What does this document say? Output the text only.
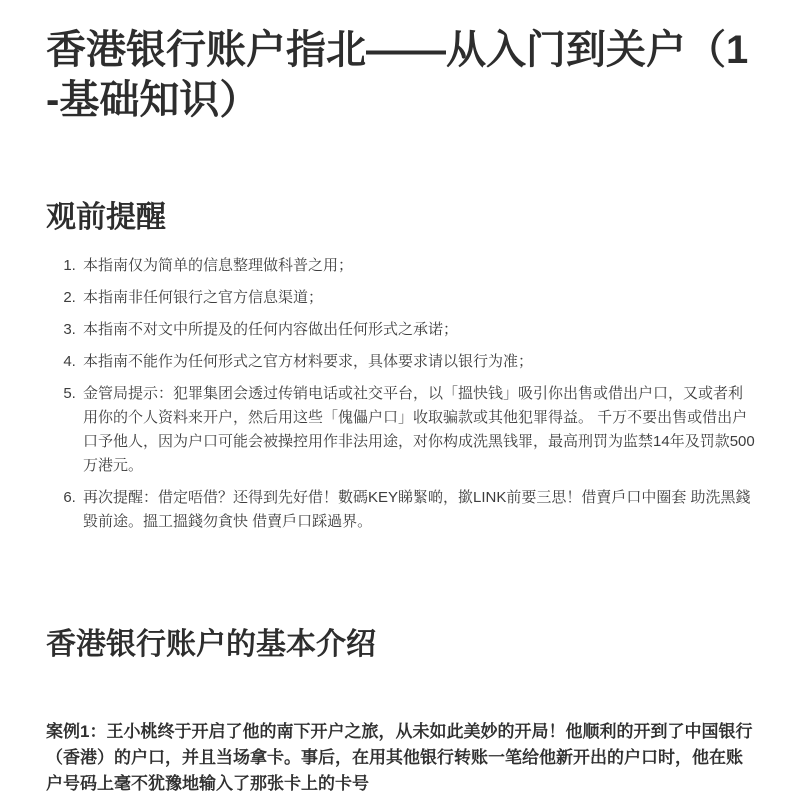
香港银行账户指北——从入门到关户（1
-基础知识）
观前提醒
1. 本指南仅为简单的信息整理做科普之用；
2. 本指南非任何银行之官方信息渠道；
3. 本指南不对文中所提及的任何内容做出任何形式之承诺；
4. 本指南不能作为任何形式之官方材料要求，具体要求请以银行为准；
5. 金管局提示：犯罪集团会透过传销电话或社交平台，以「搵快钱」吸引你出售或借出户口，又或者利用你的个人资料来开户，然后用这些「傀儡户口」收取骗款或其他犯罪得益。 千万不要出售或借出户口予他人，因为户口可能会被操控用作非法用途，对你构成洗黑钱罪，最高刑罚为监禁14年及罚款500万港元。
6. 再次提醒：借定唔借？还得到先好借！數碼KEY睇緊啲，撳LINK前要三思！借賣戶口中圈套 助洗黑錢毀前途。搵工搵錢勿貪快 借賣戶口踩過界。
香港银行账户的基本介绍

案例1：王小桃终于开启了他的南下开户之旅，从未如此美妙的开局！他顺利的开到了中国银行（香港）的户口，并且当场拿卡。事后，在用其他银行转账一笔给他新开出的户口时，他在账户号码上毫不犹豫地输入了那张卡上的卡号
